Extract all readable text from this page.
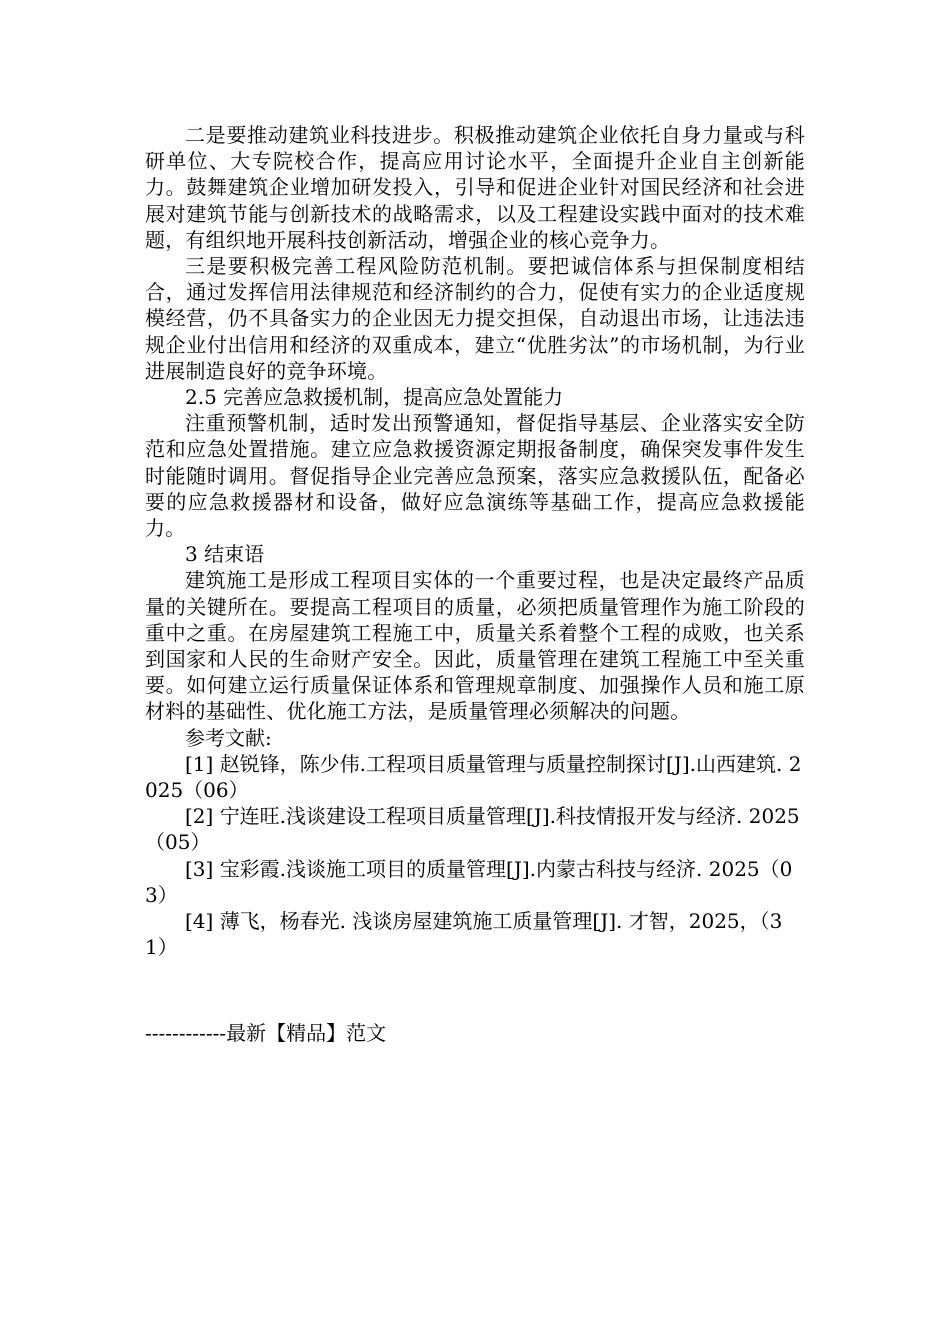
二是要推动建筑业科技进步。积极推动建筑企业依托自身力量或与科研单位、大专院校合作，提高应用讨论水平，全面提升企业自主创新能力。鼓舞建筑企业增加研发投入，引导和促进企业针对国民经济和社会进展对建筑节能与创新技术的战略需求，以及工程建设实践中面对的技术难题，有组织地开展科技创新活动，增强企业的核心竞争力。

三是要积极完善工程风险防范机制。要把诚信体系与担保制度相结合，通过发挥信用法律规范和经济制约的合力，促使有实力的企业适度规模经营，仍不具备实力的企业因无力提交担保，自动退出市场，让违法违规企业付出信用和经济的双重成本，建立“优胜劣汰”的市场机制，为行业进展制造良好的竞争环境。

2.5 完善应急救援机制，提高应急处置能力

注重预警机制，适时发出预警通知，督促指导基层、企业落实安全防范和应急处置措施。建立应急救援资源定期报备制度，确保突发事件发生时能随时调用。督促指导企业完善应急预案，落实应急救援队伍，配备必要的应急救援器材和设备，做好应急演练等基础工作，提高应急救援能力。

3 结束语

建筑施工是形成工程项目实体的一个重要过程，也是决定最终产品质量的关键所在。要提高工程项目的质量，必须把质量管理作为施工阶段的重中之重。在房屋建筑工程施工中，质量关系着整个工程的成败，也关系到国家和人民的生命财产安全。因此，质量管理在建筑工程施工中至关重要。如何建立运行质量保证体系和管理规章制度、加强操作人员和施工原材料的基础性、优化施工方法，是质量管理必须解决的问题。

参考文献:

[1] 赵锐锋，陈少伟.工程项目质量管理与质量控制探讨[J].山西建筑. 2025（06）

[2] 宁连旺.浅谈建设工程项目质量管理[J].科技情报开发与经济. 2025（05）

[3] 宝彩霞.浅谈施工项目的质量管理[J].内蒙古科技与经济. 2025（03）

[4] 薄飞，杨春光. 浅谈房屋建筑施工质量管理[J]. 才智，2025，（31）

------------最新【精品】范文
